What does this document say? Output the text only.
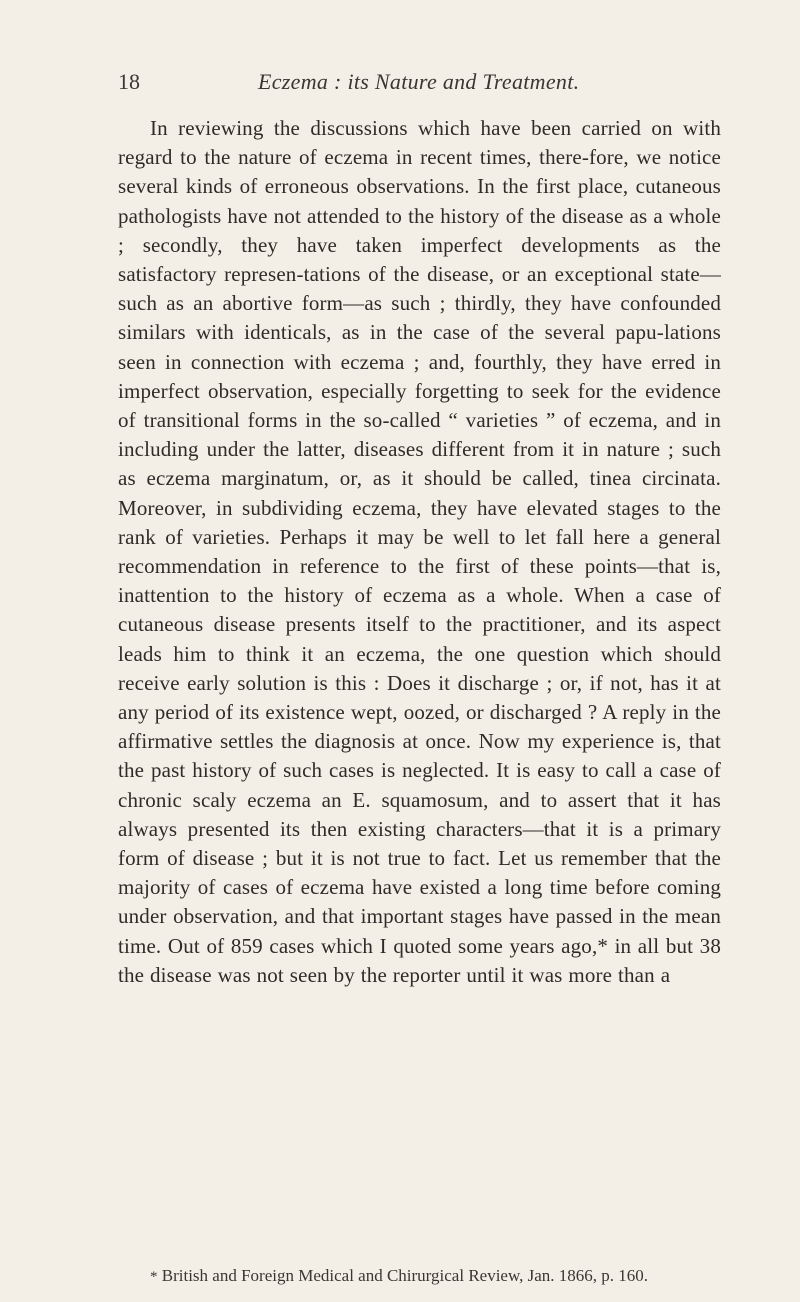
18	Eczema : its Nature and Treatment.

In reviewing the discussions which have been carried on with regard to the nature of eczema in recent times, there-fore, we notice several kinds of erroneous observations. In the first place, cutaneous pathologists have not attended to the history of the disease as a whole ; secondly, they have taken imperfect developments as the satisfactory represen-tations of the disease, or an exceptional state—such as an abortive form—as such ; thirdly, they have confounded similars with identicals, as in the case of the several papu-lations seen in connection with eczema ; and, fourthly, they have erred in imperfect observation, especially forgetting to seek for the evidence of transitional forms in the so-called “ varieties ” of eczema, and in including under the latter, diseases different from it in nature ; such as eczema marginatum, or, as it should be called, tinea circinata. Moreover, in subdividing eczema, they have elevated stages to the rank of varieties. Perhaps it may be well to let fall here a general recommendation in reference to the first of these points—that is, inattention to the history of eczema as a whole. When a case of cutaneous disease presents itself to the practitioner, and its aspect leads him to think it an eczema, the one question which should receive early solution is this : Does it discharge ; or, if not, has it at any period of its existence wept, oozed, or discharged ? A reply in the affirmative settles the diagnosis at once. Now my experience is, that the past history of such cases is neglected. It is easy to call a case of chronic scaly eczema an E. squamosum, and to assert that it has always presented its then existing characters—that it is a primary form of disease ; but it is not true to fact. Let us remember that the majority of cases of eczema have existed a long time before coming under observation, and that important stages have passed in the mean time. Out of 859 cases which I quoted some years ago,* in all but 38 the disease was not seen by the reporter until it was more than a

* British and Foreign Medical and Chirurgical Review, Jan. 1866, p. 160.
